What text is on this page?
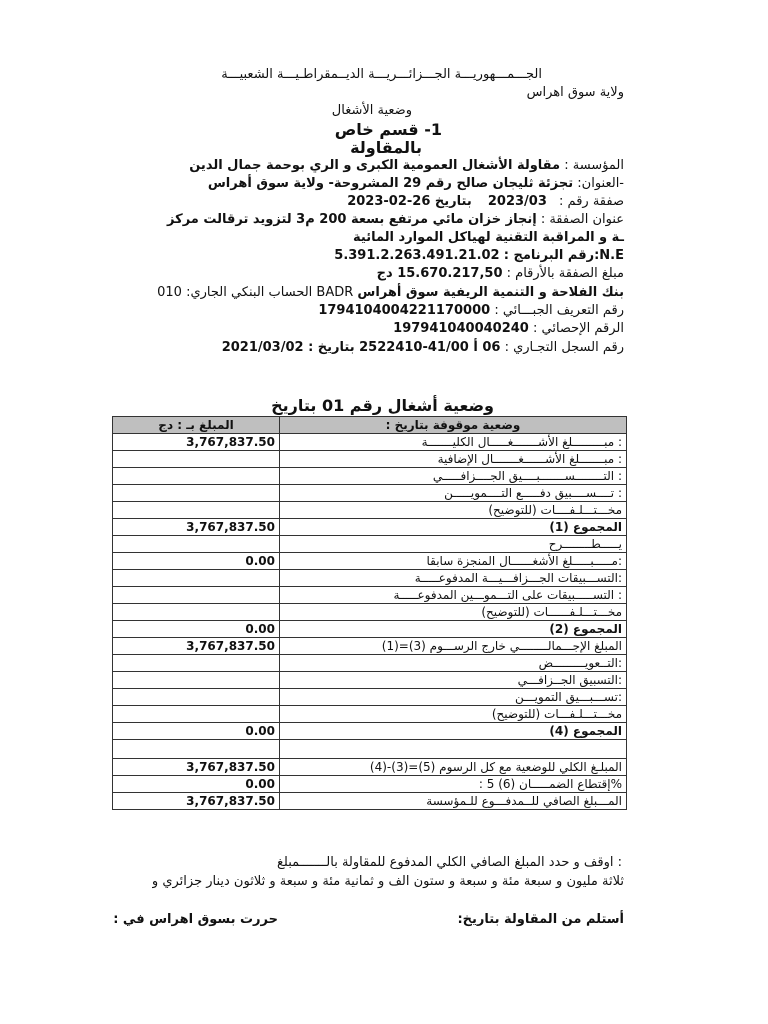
الجـــمـــهوريـــة الجـــزائـــريـــة الديــمقراطـيـــة الشعبيـــة
ولاية سوق اهراس
وضعية الأشغال
1- قسم خاص
بالمقاولة
المؤسسة : مقاولة الأشغال العمومية الكبرى و الري بوحمة جمال الدين
-العنوان: تجزئة ثليجان صالح رقم 29 المشروحة- ولاية سوق أهراس
صفقة رقم : 2023/03 بتاريخ 26-02-2023
عنوان الصفقة : إنجاز خزان مائي مرتفع بسعة 200 م3 لتزويد ترقالت مركز
ـة و المراقبة التقنية لهياكل الموارد المائية
N.E:رقم البرنامج : 5.391.2.263.491.21.02
مبلغ الصفقة بالأرقام : 15.670.217,50 دج
بنك الفلاحة و التنمية الريفية سوق أهراس BADR الحساب البنكي الجاري: 010
رقم التعريف الجبـــائي : 1794104004221170000
الرقم الإحصائي : 197941040040240
رقم السجل التجـاري : 06 أ 41/00-2522410 بتاريخ : 2021/03/02
وضعية أشغال رقم 01 بتاريخ
المبلغ بـ : دج	وضعية موقوفة بتاريخ :
3,767,837.50	: مبـــــــــلغ الأشـــــــغـــــال الكليـــــــة
	: مبـــــــلغ الأشــــــغـــــــال الإضافية
	: التــــــــســـــــبــــيق الجــــزافـــــي
	: تــــســــبيق دفـــــع التــــمويـــــن
	مخـــتـــلـفــــات (للتوضيح)
3,767,837.50	المجموع (1)
	يـــــطــــــــرح
0.00	:مـــــبـــــلغ الأشغــــــال المنجزة سابقا
	:التســـبيقات الجـــزافـــيـــة المدفوعـــــة
	: التســـــبيقات على التـــموـــين المدفوعـــــة
	مخـــتـــلـفــــــات (للتوضيح)
0.00	المجموع (2)
3,767,837.50	المبلغ الإجـــمالــــــــي خارج الرســـوم (3)=(1)
	:التــعويـــــــــض
	:التسبيق الجــزافـــي
	:تســـبـــيق التمويـــن
	مخـــتـــلـفـــات (للتوضيح)
0.00	المجموع (4)

3,767,837.50	المبلـغ الكلي للوضعية مع كل الرسوم (5)=(3)-(4)
0.00	%إقتطاع الضمـــــان (6) 5 :
3,767,837.50	المـــبلغ الصافي للــمدفـــوع للـمؤسسة
: اوقف و حدد المبلغ الصافي الكلي المدفوع للمقاولة بالـــــــمبلغ
ثلاثة مليون و سبعة مئة و سبعة و ستون الف و ثمانية مئة و سبعة و ثلاثون دينار جزائري و
أستلم من المقاولة بتاريخ:
حررت بسوق اهراس في :
